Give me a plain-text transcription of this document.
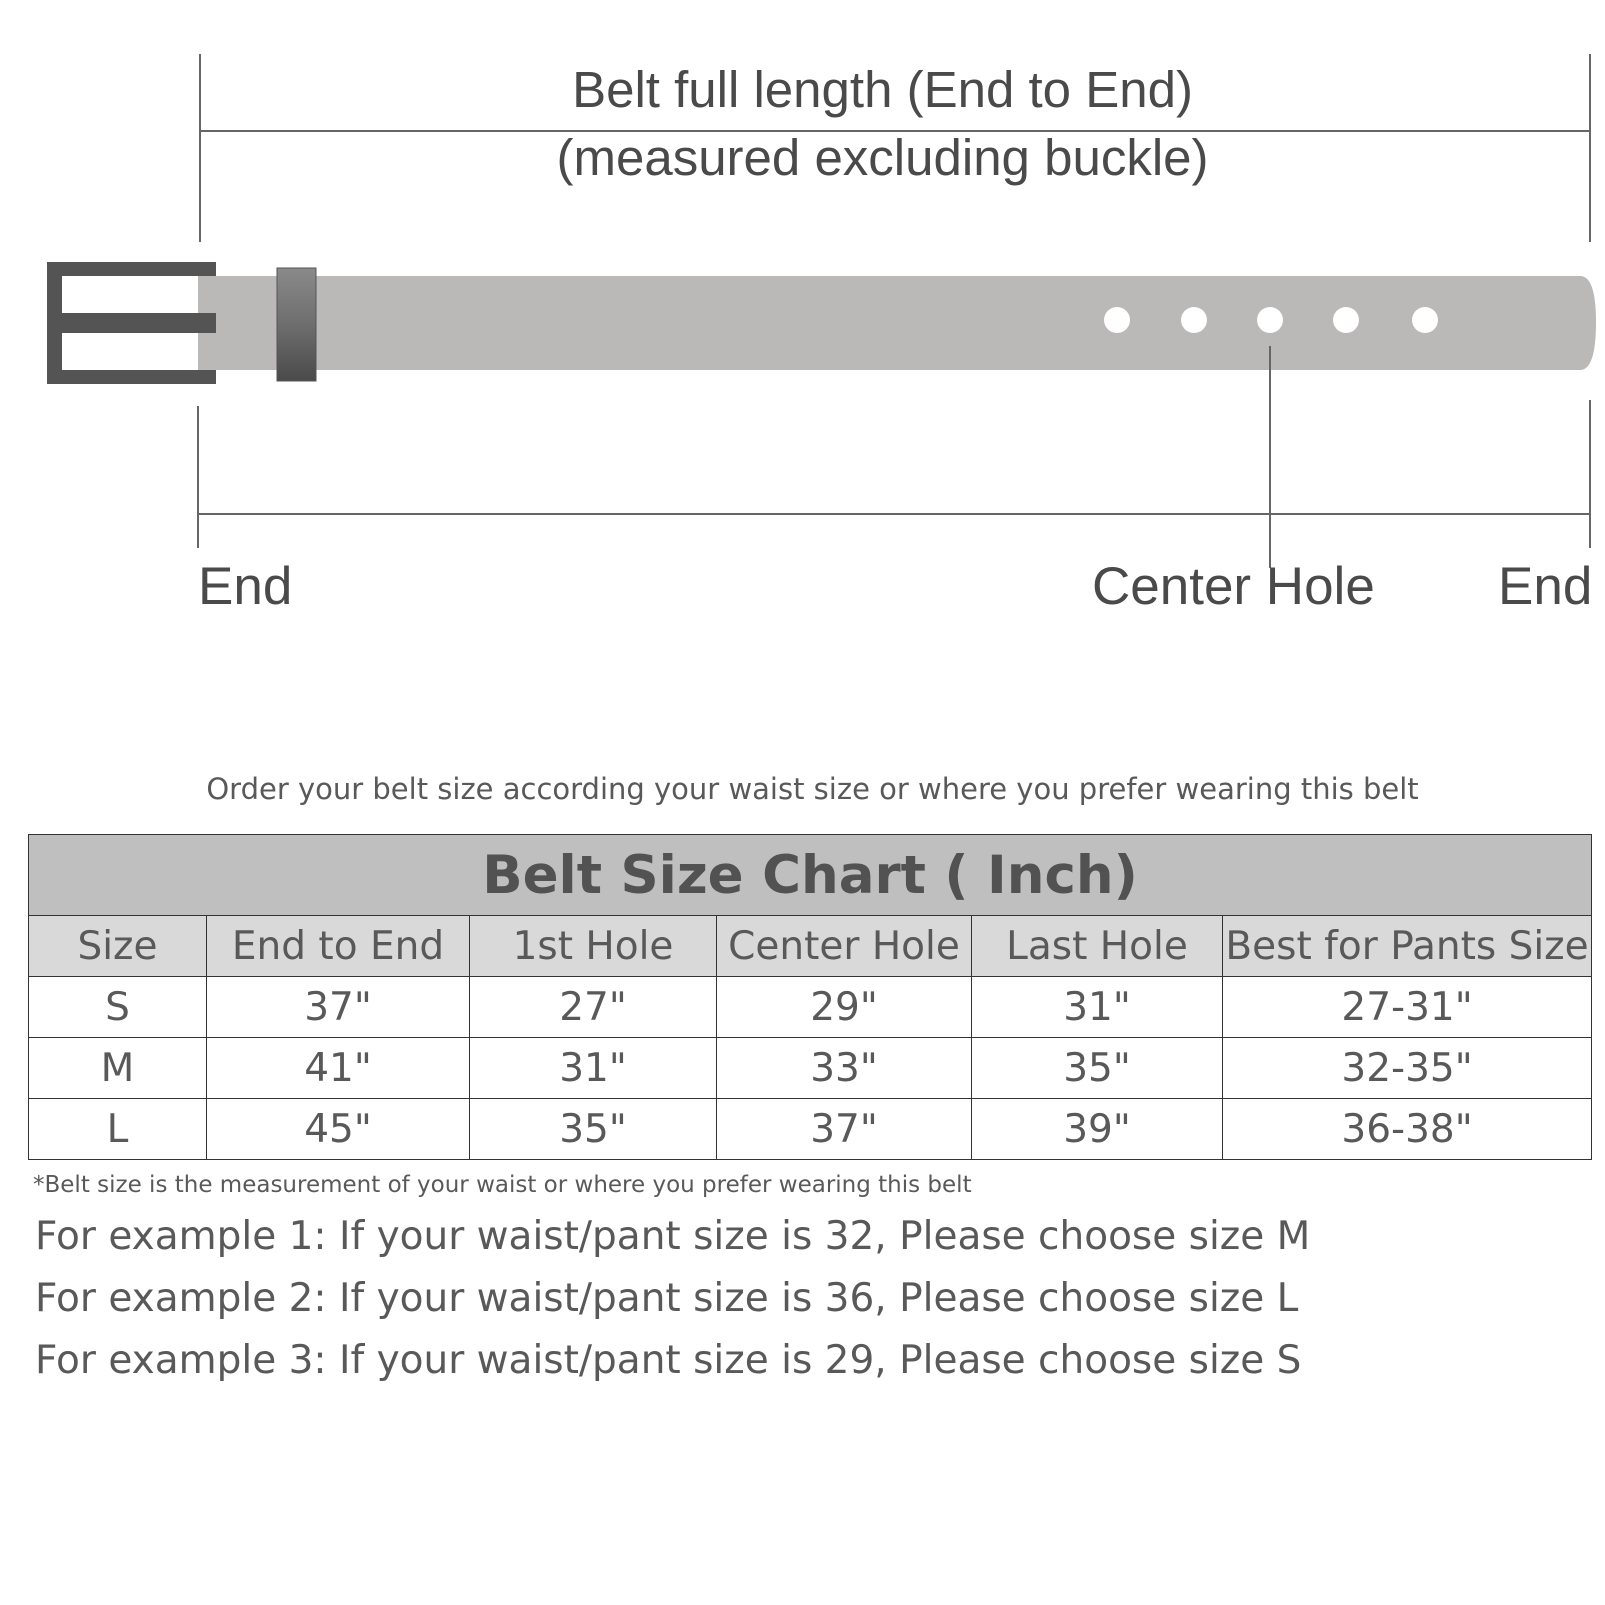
Belt full length (End to End)
(measured excluding buckle)
End	Center Hole End
Order your belt size according your waist size or where you prefer wearing this belt
Belt Size Chart ( Inch)					
Size	End to End	1st Hole	Center Hole	Last Hole	Best for Pants Size
S	37"	27"	29"	31"	27-31"
M	41"	31"	33"	35"	32-35"
L	45"	35"	37"	39"	36-38"
*Belt size is the measurement of your waist or where you prefer wearing this belt
For example 1: If your waist/pant size is 32, Please choose size M
For example 2: If your waist/pant size is 36, Please choose size L
For example 3: If your waist/pant size is 29, Please choose size S
